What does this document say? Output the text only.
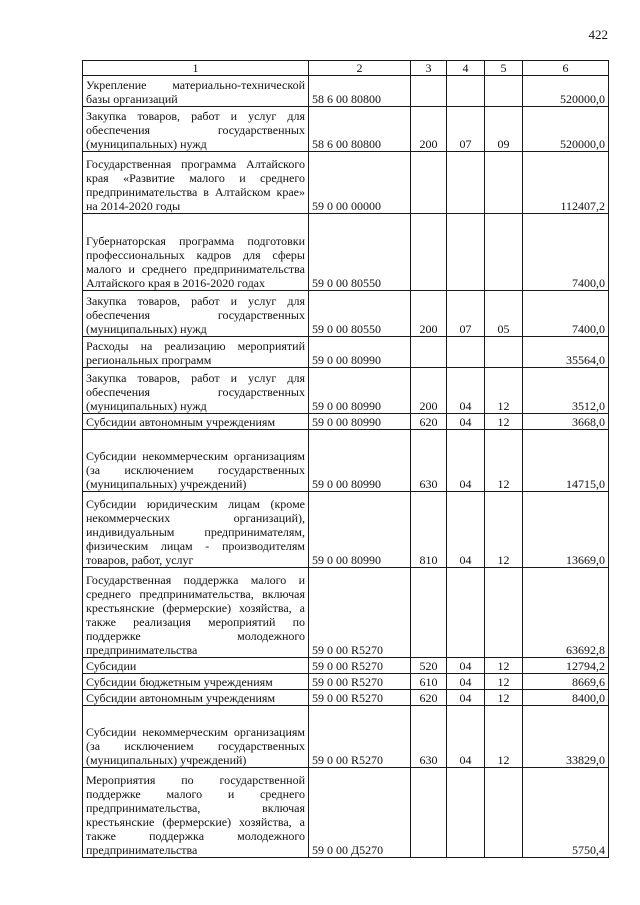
422
1	2	3	4	5	6
Укрепление материально-технической базы организаций	58 6 00 80800				520000,0
Закупка товаров, работ и услуг для обеспечения государственных (муниципальных) нужд	58 6 00 80800	200	07	09	520000,0
Государственная программа Алтайского края «Развитие малого и среднего предпринимательства в Алтайском крае» на 2014-2020 годы	59 0 00 00000				112407,2
Губернаторская программа подготовки профессиональных кадров для сферы малого и среднего предпринимательства Алтайского края в 2016-2020 годах	59 0 00 80550				7400,0
Закупка товаров, работ и услуг для обеспечения государственных (муниципальных) нужд	59 0 00 80550	200	07	05	7400,0
Расходы на реализацию мероприятий региональных программ	59 0 00 80990				35564,0
Закупка товаров, работ и услуг для обеспечения государственных (муниципальных) нужд	59 0 00 80990	200	04	12	3512,0
Субсидии автономным учреждениям	59 0 00 80990	620	04	12	3668,0
Субсидии некоммерческим организациям (за исключением государственных (муниципальных) учреждений)	59 0 00 80990	630	04	12	14715,0
Субсидии юридическим лицам (кроме некоммерческих организаций), индивидуальным предпринимателям, физическим лицам - производителям товаров, работ, услуг	59 0 00 80990	810	04	12	13669,0
Государственная поддержка малого и среднего предпринимательства, включая крестьянские (фермерские) хозяйства, а также реализация мероприятий по поддержке молодежного предпринимательства	59 0 00 R5270				63692,8
Субсидии	59 0 00 R5270	520	04	12	12794,2
Субсидии бюджетным учреждениям	59 0 00 R5270	610	04	12	8669,6
Субсидии автономным учреждениям	59 0 00 R5270	620	04	12	8400,0
Субсидии некоммерческим организациям (за исключением государственных (муниципальных) учреждений)	59 0 00 R5270	630	04	12	33829,0
Мероприятия по государственной поддержке малого и среднего предпринимательства, включая крестьянские (фермерские) хозяйства, а также поддержка молодежного предпринимательства	59 0 00 Д5270				5750,4
